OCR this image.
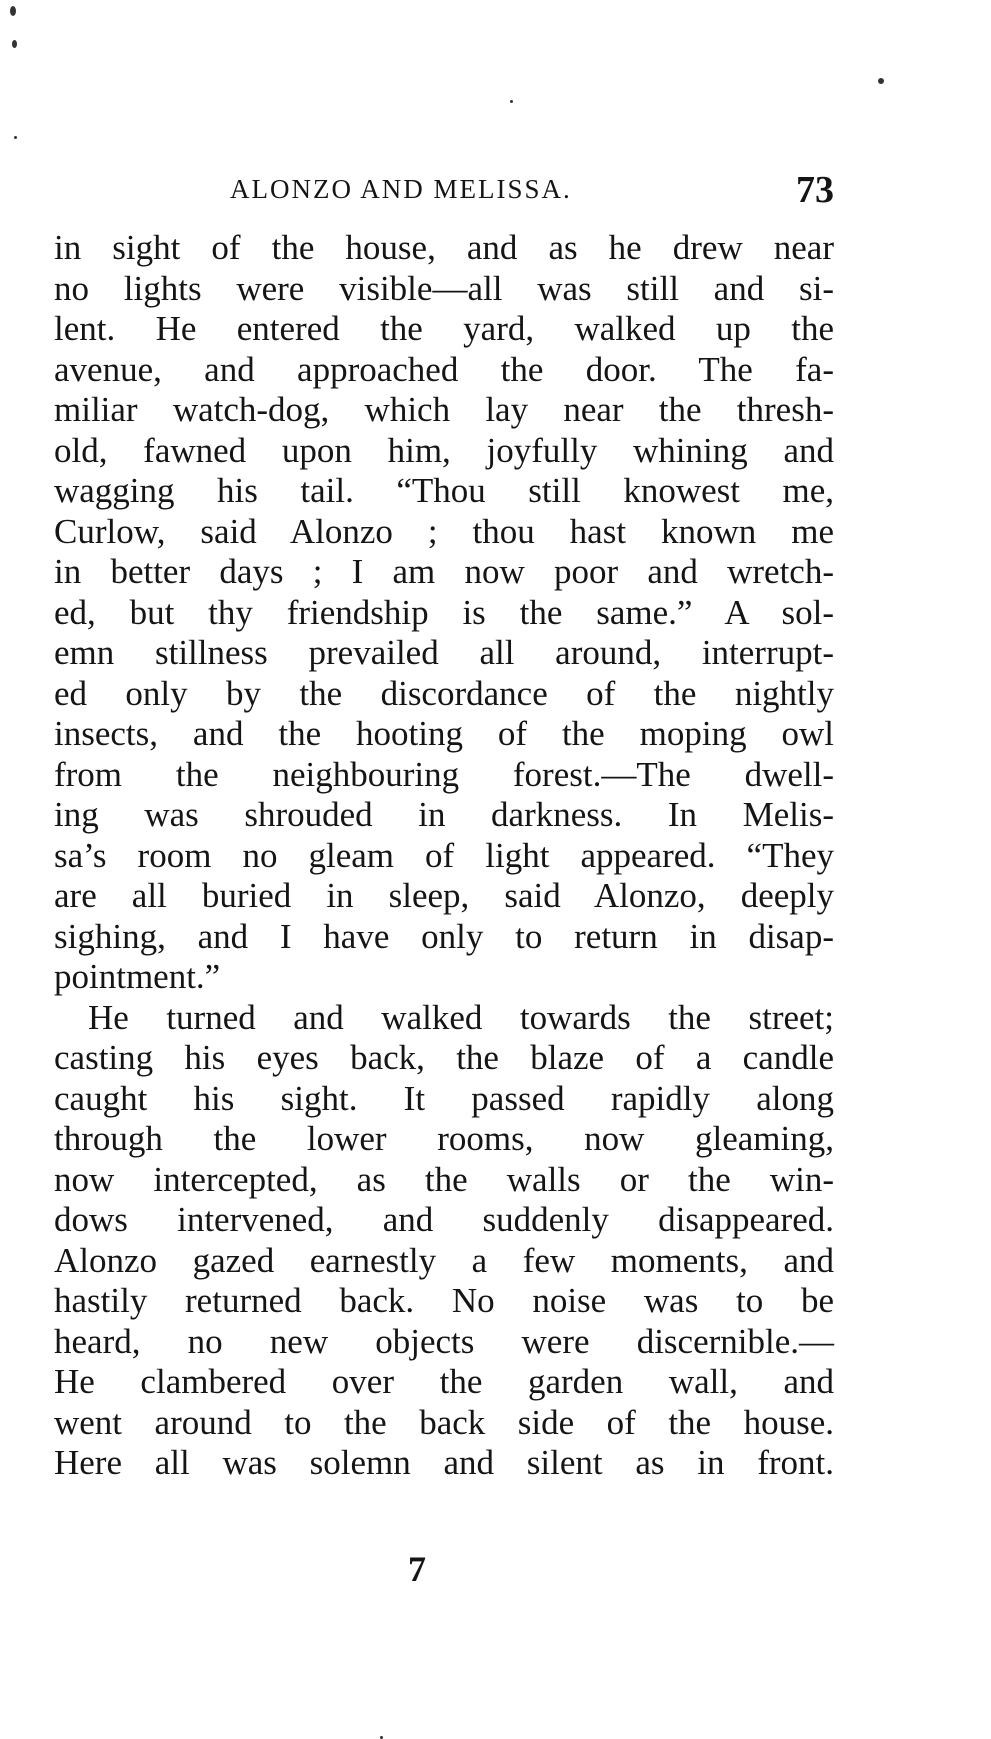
ALONZO AND MELISSA.	73
in sight of the house, and as he drew near
no lights were visible—all was still and si-
lent. He entered the yard, walked up the
avenue, and approached the door. The fa-
miliar watch-dog, which lay near the thresh-
old, fawned upon him, joyfully whining and
wagging his tail. “Thou still knowest me,
Curlow, said Alonzo ; thou hast known me
in better days ; I am now poor and wretch-
ed, but thy friendship is the same.” A sol-
emn stillness prevailed all around, interrupt-
ed only by the discordance of the nightly
insects, and the hooting of the moping owl
from the neighbouring forest.—The dwell-
ing was shrouded in darkness. In Melis-
sa’s room no gleam of light appeared. “They
are all buried in sleep, said Alonzo, deeply
sighing, and I have only to return in disap-
pointment.”
He turned and walked towards the street;
casting his eyes back, the blaze of a candle
caught his sight. It passed rapidly along
through the lower rooms, now gleaming,
now intercepted, as the walls or the win-
dows intervened, and suddenly disappeared.
Alonzo gazed earnestly a few moments, and
hastily returned back. No noise was to be
heard, no new objects were discernible.—
He clambered over the garden wall, and
went around to the back side of the house.
Here all was solemn and silent as in front.
7
